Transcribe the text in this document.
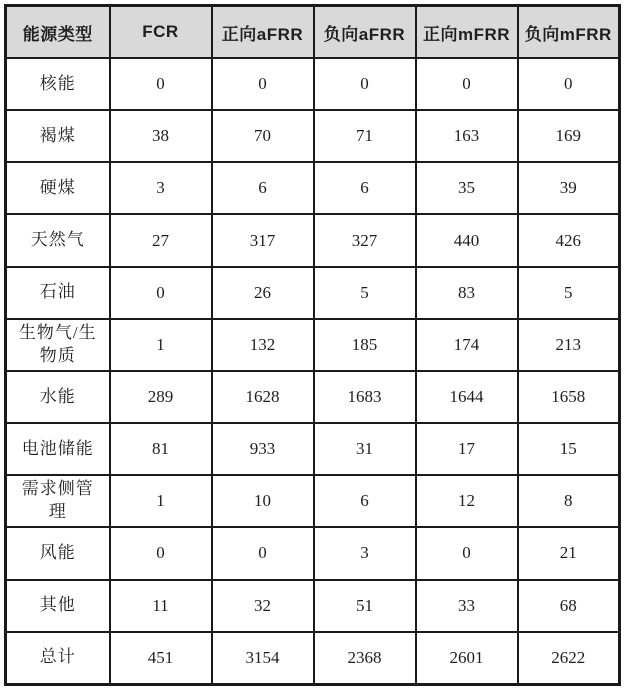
能源类型	FCR	正向aFRR	负向aFRR	正向mFRR	负向mFRR
核能	0	0	0	0	0
褐煤	38	70	71	163	169
硬煤	3	6	6	35	39
天然气	27	317	327	440	426
石油	0	26	5	83	5
生物气/生物质	1	132	185	174	213
水能	289	1628	1683	1644	1658
电池储能	81	933	31	17	15
需求侧管理	1	10	6	12	8
风能	0	0	3	0	21
其他	11	32	51	33	68
总计	451	3154	2368	2601	2622
